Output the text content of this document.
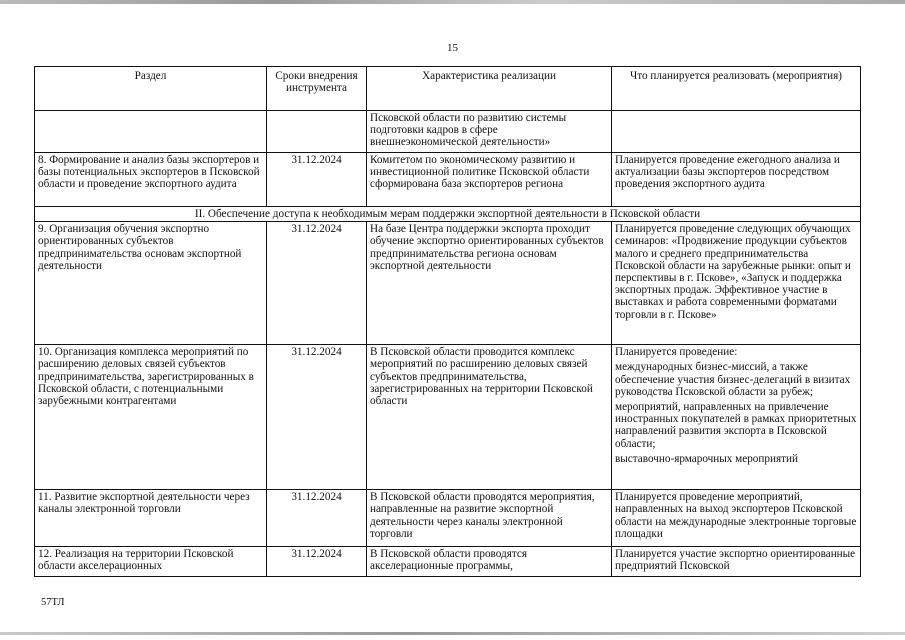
15
Раздел	Сроки внедрения инструмента	Характеристика реализации	Что планируется реализовать (мероприятия)
		Псковской области по развитию системы подготовки кадров в сфере внешнеэкономической деятельности»	
8. Формирование и анализ базы экспортеров и базы потенциальных экспортеров в Псковской области и проведение экспортного аудита	31.12.2024	Комитетом по экономическому развитию и инвестиционной политике Псковской области сформирована база экспортеров региона	Планируется проведение ежегодного анализа и актуализации базы экспортеров посредством проведения экспортного аудита

II. Обеспечение доступа к необходимым мерам поддержки экспортной деятельности в Псковской области			
9. Организация обучения экспортно ориентированных субъектов предпринимательства основам экспортной деятельности	31.12.2024	На базе Центра поддержки экспорта проходит обучение экспортно ориентированных субъектов предпринимательства региона основам экспортной деятельности	Планируется проведение следующих обучающих семинаров: «Продвижение продукции субъектов малого и среднего предпринимательства Псковской области на зарубежные рынки: опыт и перспективы в г. Пскове», «Запуск и поддержка экспортных продаж. Эффективное участие в выставках и работа современными форматами торговли в г. Пскове»

10. Организация комплекса мероприятий по расширению деловых связей субъектов предпринимательства, зарегистрированных в Псковской области, с потенциальными зарубежными контрагентами	31.12.2024	В Псковской области проводится комплекс мероприятий по расширению деловых связей субъектов предпринимательства, зарегистрированных на территории Псковской области	Планируется проведение:
международных бизнес-миссий, а также обеспечение участия бизнес-делегаций в визитах руководства Псковской области за рубеж;
мероприятий, направленных на привлечение иностранных покупателей в рамках приоритетных направлений развития экспорта в Псковской области;
выставочно-ярмарочных мероприятий

11. Развитие экспортной деятельности через каналы электронной торговли	31.12.2024	В Псковской области проводятся мероприятия, направленные на развитие экспортной деятельности через каналы электронной торговли	Планируется проведение мероприятий, направленных на выход экспортеров Псковской области на международные электронные торговые площадки

12. Реализация на территории Псковской области акселерационных	31.12.2024	В Псковской области проводятся акселерационные программы,	Планируется участие экспортно ориентированные предприятий Псковской
57ТЛ
